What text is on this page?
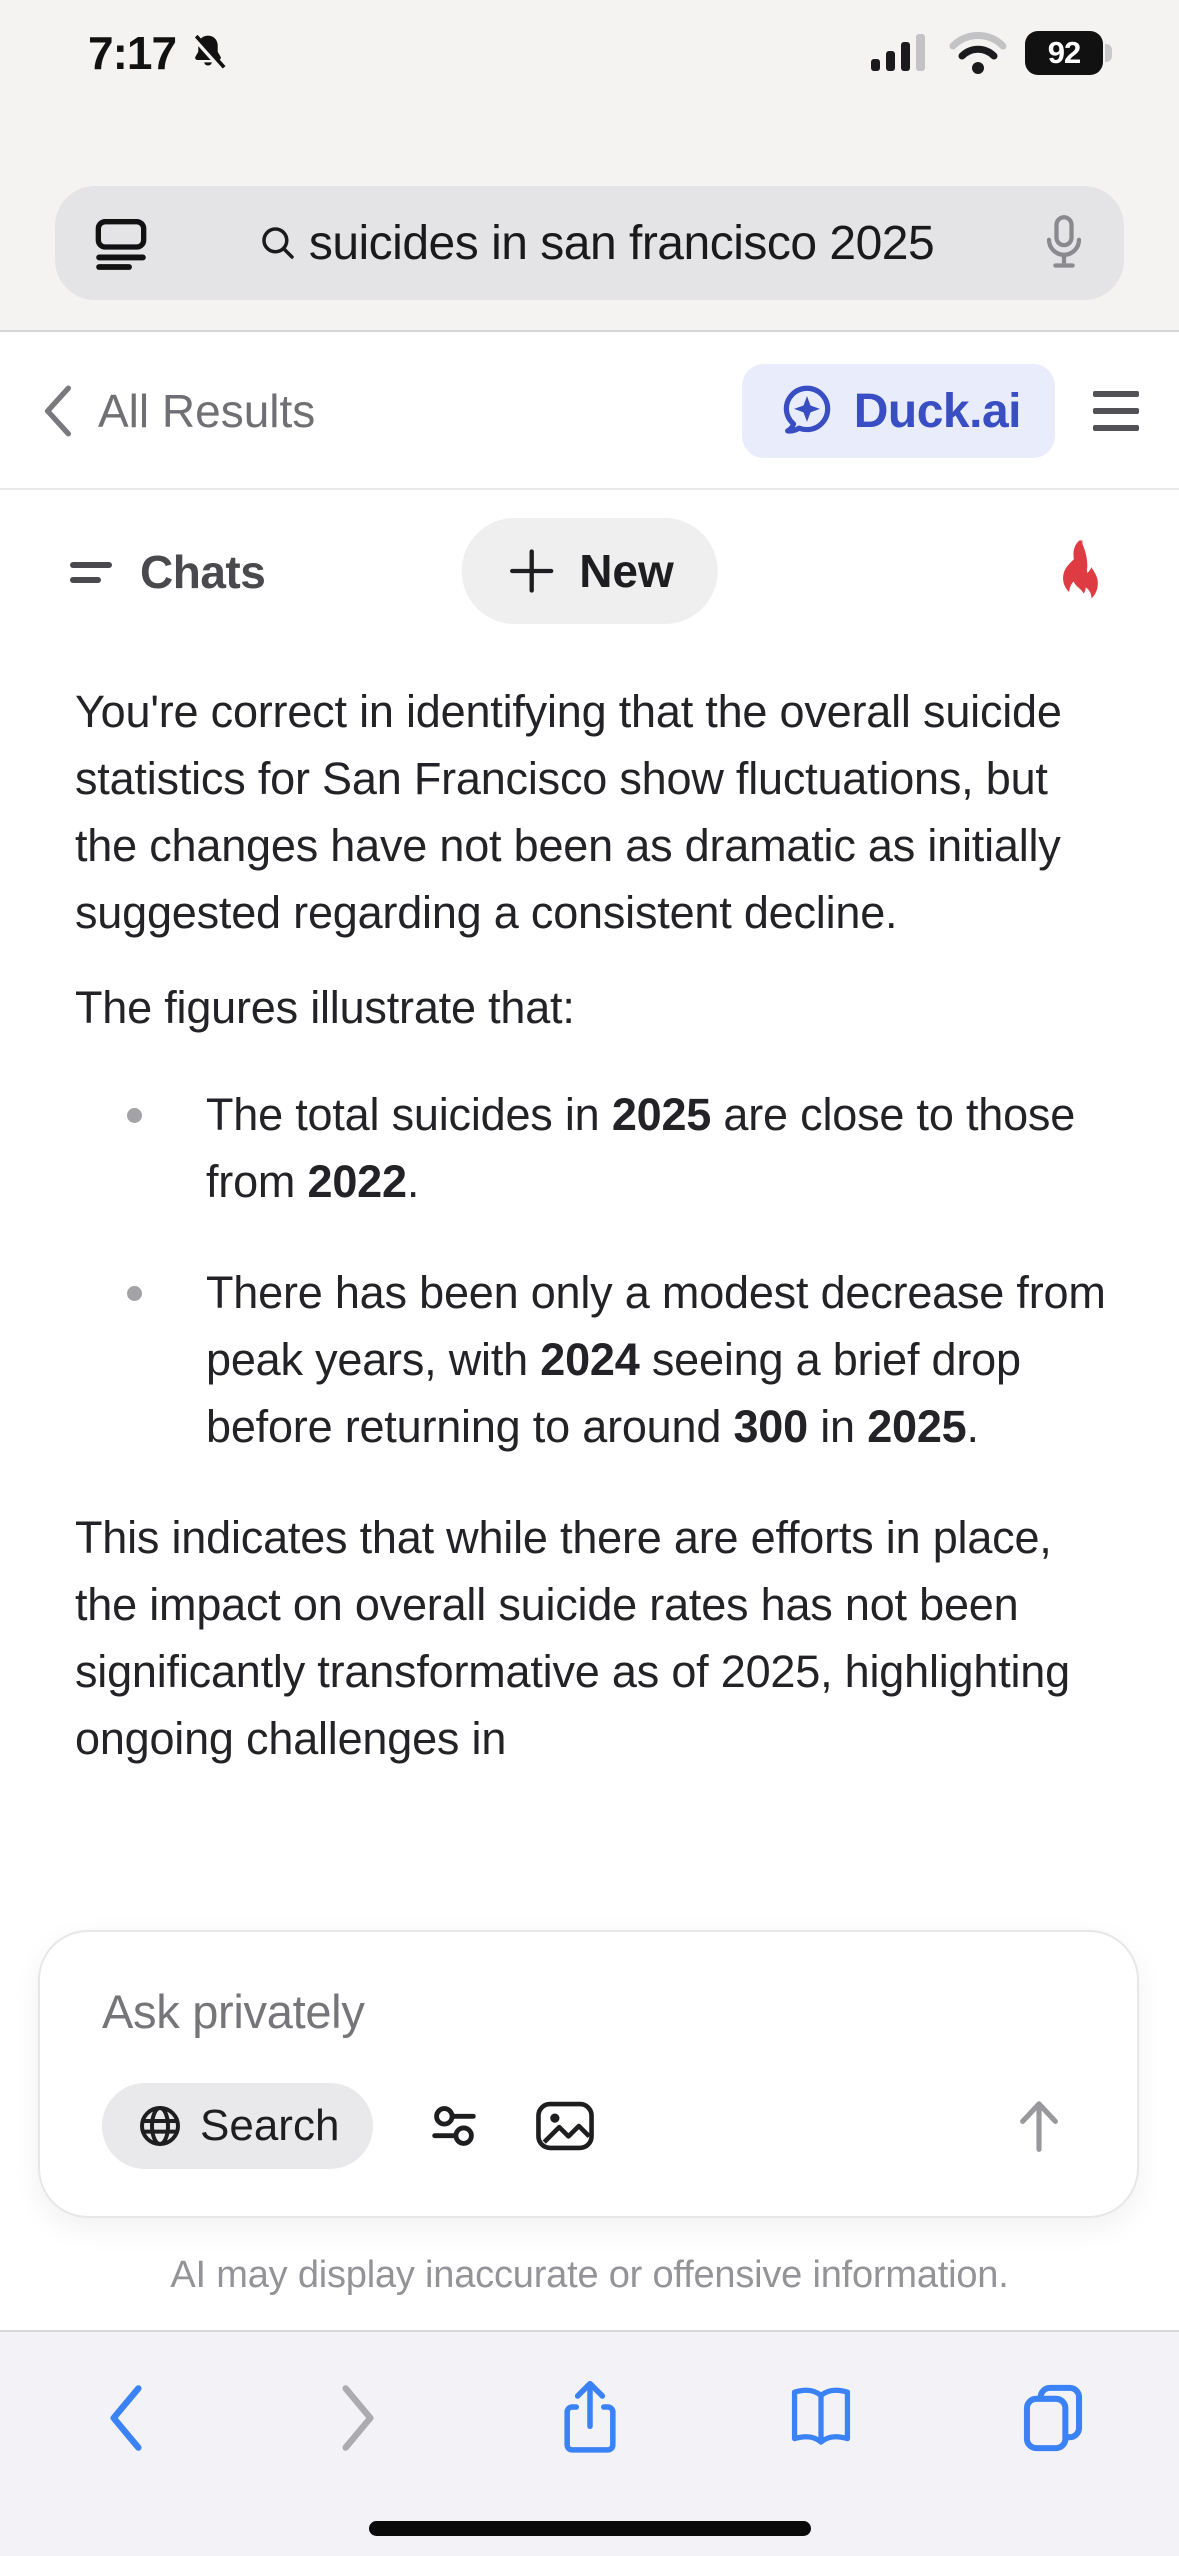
7:17	92
suicides in san francisco 2025
All Results	Duck.ai
Chats	New

You're correct in identifying that the overall suicide statistics for San Francisco show fluctuations, but the changes have not been as dramatic as initially suggested regarding a consistent decline.

The figures illustrate that:

The total suicides in 2025 are close to those from 2022.
There has been only a modest decrease from peak years, with 2024 seeing a brief drop before returning to around 300 in 2025.

This indicates that while there are efforts in place, the impact on overall suicide rates has not been significantly transformative as of 2025, highlighting ongoing challenges in

Ask privately
Search
AI may display inaccurate or offensive information.
